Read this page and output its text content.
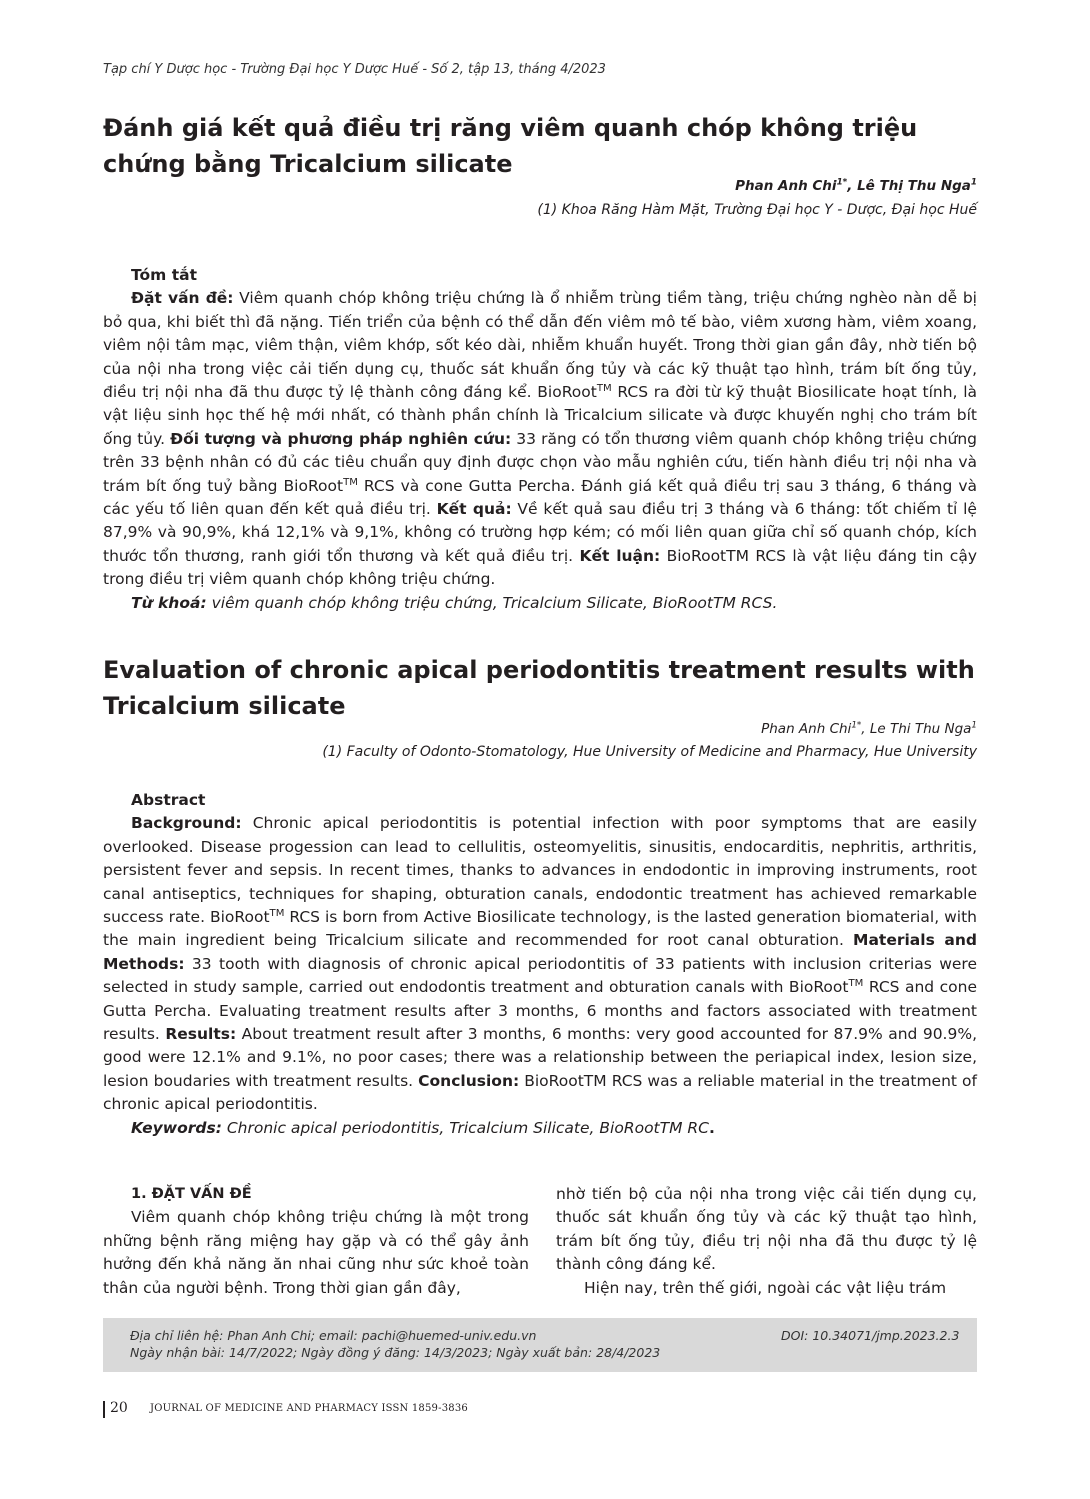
Tạp chí Y Dược học - Trường Đại học Y Dược Huế - Số 2, tập 13, tháng 4/2023
Đánh giá kết quả điều trị răng viêm quanh chóp không triệu chứng bằng Tricalcium silicate
Phan Anh Chi$^{1*}$, Lê Thị Thu Nga$^1$
(1) Khoa Răng Hàm Mặt, Trường Đại học Y - Dược, Đại học Huế
Tóm tắt
Đặt vấn đề: Viêm quanh chóp không triệu chứng là ổ nhiễm trùng tiềm tàng, triệu chứng nghèo nàn dễ bị bỏ qua, khi biết thì đã nặng. Tiến triển của bệnh có thể dẫn đến viêm mô tế bào, viêm xương hàm, viêm xoang, viêm nội tâm mạc, viêm thận, viêm khớp, sốt kéo dài, nhiễm khuẩn huyết. Trong thời gian gần đây, nhờ tiến bộ của nội nha trong việc cải tiến dụng cụ, thuốc sát khuẩn ống tủy và các kỹ thuật tạo hình, trám bít ống tủy, điều trị nội nha đã thu được tỷ lệ thành công đáng kể. BioRoot™ RCS ra đời từ kỹ thuật Biosilicate hoạt tính, là vật liệu sinh học thế hệ mới nhất, có thành phần chính là Tricalcium silicate và được khuyến nghị cho trám bít ống tủy. Đối tượng và phương pháp nghiên cứu: 33 răng có tổn thương viêm quanh chóp không triệu chứng trên 33 bệnh nhân có đủ các tiêu chuẩn quy định được chọn vào mẫu nghiên cứu, tiến hành điều trị nội nha và trám bít ống tuỷ bằng BioRoot™ RCS và cone Gutta Percha. Đánh giá kết quả điều trị sau 3 tháng, 6 tháng và các yếu tố liên quan đến kết quả điều trị. Kết quả: Về kết quả sau điều trị 3 tháng và 6 tháng: tốt chiếm tỉ lệ 87,9% và 90,9%, khá 12,1% và 9,1%, không có trường hợp kém; có mối liên quan giữa chỉ số quanh chóp, kích thước tổn thương, ranh giới tổn thương và kết quả điều trị. Kết luận: BioRootTM RCS là vật liệu đáng tin cậy trong điều trị viêm quanh chóp không triệu chứng.
Từ khoá: viêm quanh chóp không triệu chứng, Tricalcium Silicate, BioRootTM RCS.
Evaluation of chronic apical periodontitis treatment results with Tricalcium silicate
Phan Anh Chi$^{1*}$, Le Thi Thu Nga$^1$
(1) Faculty of Odonto-Stomatology, Hue University of Medicine and Pharmacy, Hue University
Abstract
Background: Chronic apical periodontitis is potential infection with poor symptoms that are easily overlooked. Disease progession can lead to cellulitis, osteomyelitis, sinusitis, endocarditis, nephritis, arthritis, persistent fever and sepsis. In recent times, thanks to advances in endodontic in improving instruments, root canal antiseptics, techniques for shaping, obturation canals, endodontic treatment has achieved remarkable success rate. BioRoot™ RCS is born from Active Biosilicate technology, is the lasted generation biomaterial, with the main ingredient being Tricalcium silicate and recommended for root canal obturation. Materials and Methods: 33 tooth with diagnosis of chronic apical periodontitis of 33 patients with inclusion criterias were selected in study sample, carried out endodontis treatment and obturation canals with BioRoot™ RCS and cone Gutta Percha. Evaluating treatment results after 3 months, 6 months and factors associated with treatment results. Results: About treatment result after 3 months, 6 months: very good accounted for 87.9% and 90.9%, good were 12.1% and 9.1%, no poor cases; there was a relationship between the periapical index, lesion size, lesion boudaries with treatment results. Conclusion: BioRootTM RCS was a reliable material in the treatment of chronic apical periodontitis.
Keywords: Chronic apical periodontitis, Tricalcium Silicate, BioRootTM RC.
1. ĐẶT VẤN ĐỀ
Viêm quanh chóp không triệu chứng là một trong những bệnh răng miệng hay gặp và có thể gây ảnh hưởng đến khả năng ăn nhai cũng như sức khoẻ toàn thân của người bệnh. Trong thời gian gần đây,
nhờ tiến bộ của nội nha trong việc cải tiến dụng cụ, thuốc sát khuẩn ống tủy và các kỹ thuật tạo hình, trám bít ống tủy, điều trị nội nha đã thu được tỷ lệ thành công đáng kể.
Hiện nay, trên thế giới, ngoài các vật liệu trám
Địa chỉ liên hệ: Phan Anh Chi; email: pachi@huemed-univ.edu.vn
Ngày nhận bài: 14/7/2022; Ngày đồng ý đăng: 14/3/2023; Ngày xuất bản: 28/4/2023
DOI: 10.34071/jmp.2023.2.3
20 JOURNAL OF MEDICINE AND PHARMACY ISSN 1859-3836
